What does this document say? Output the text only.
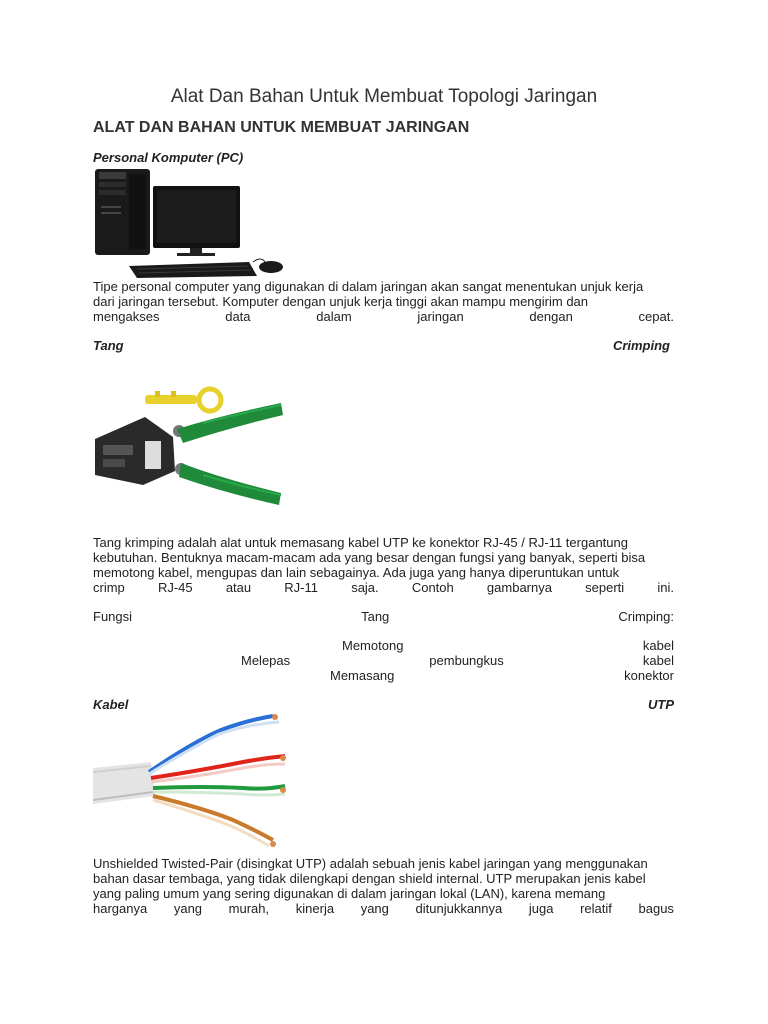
Alat Dan Bahan Untuk Membuat Topologi Jaringan
ALAT DAN BAHAN UNTUK MEMBUAT JARINGAN
Personal Komputer (PC)
Tipe personal computer yang digunakan di dalam jaringan akan sangat menentukan unjuk kerja
dari jaringan tersebut. Komputer dengan unjuk kerja tinggi akan mampu mengirim dan
mengakses	data	dalam	jaringan	dengan	cepat.
Tang	Crimping
Tang krimping adalah alat untuk memasang kabel UTP ke konektor RJ-45 / RJ-11 tergantung
kebutuhan. Bentuknya macam-macam ada yang besar dengan fungsi yang banyak, seperti bisa
memotong kabel, mengupas dan lain sebagainya. Ada juga yang hanya diperuntukan untuk
crimp	RJ-45	atau	RJ-11	saja.	Contoh	gambarnya	seperti	ini.
Fungsi	Tang	Crimping:
Memotong	kabel
Melepas	pembungkus	kabel
Memasang	konektor
Kabel	UTP
Unshielded Twisted-Pair (disingkat UTP) adalah sebuah jenis kabel jaringan yang menggunakan
bahan dasar tembaga, yang tidak dilengkapi dengan shield internal. UTP merupakan jenis kabel
yang paling umum yang sering digunakan di dalam jaringan lokal (LAN), karena memang
harganya yang murah, kinerja yang ditunjukkannya juga relatif bagus
